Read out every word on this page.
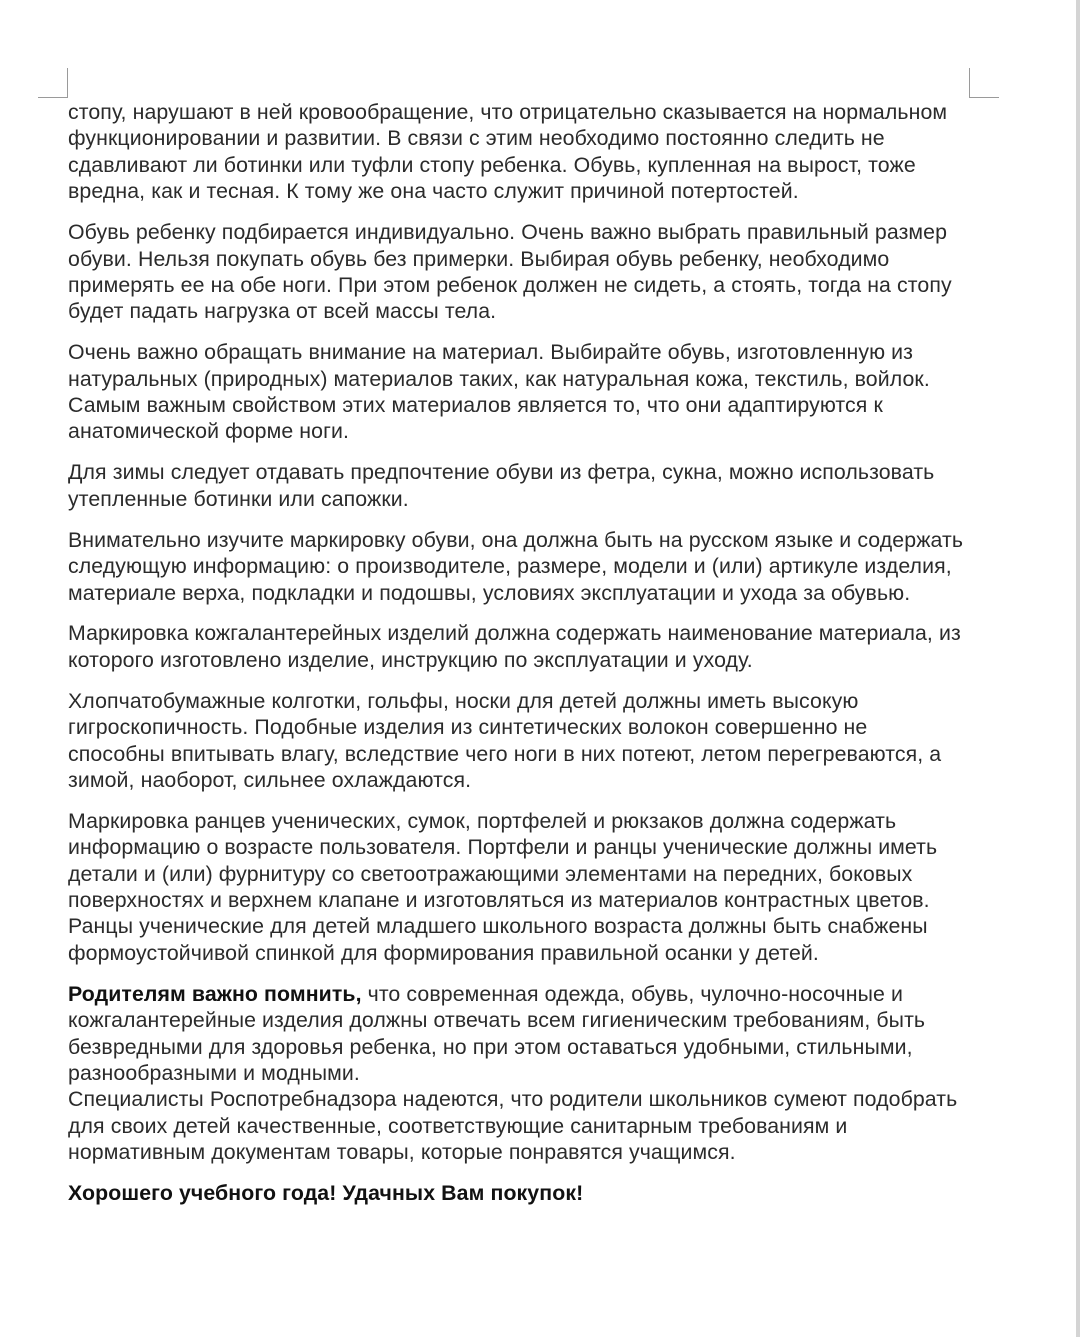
стопу, нарушают в ней кровообращение, что отрицательно сказывается на нормальном функционировании и развитии. В связи с этим необходимо постоянно следить не сдавливают ли ботинки или туфли стопу ребенка. Обувь, купленная на вырост, тоже вредна, как и тесная. К тому же она часто служит причиной потертостей.

Обувь ребенку подбирается индивидуально. Очень важно выбрать правильный размер обуви. Нельзя покупать обувь без примерки. Выбирая обувь ребенку, необходимо примерять ее на обе ноги. При этом ребенок должен не сидеть, а стоять, тогда на стопу будет падать нагрузка от всей массы тела.

Очень важно обращать внимание на материал. Выбирайте обувь, изготовленную из натуральных (природных) материалов таких, как натуральная кожа, текстиль, войлок. Самым важным свойством этих материалов является то, что они адаптируются к анатомической форме ноги.

Для зимы следует отдавать предпочтение обуви из фетра, сукна, можно использовать утепленные ботинки или сапожки.

Внимательно изучите маркировку обуви, она должна быть на русском языке и содержать следующую информацию: о производителе, размере, модели и (или) артикуле изделия, материале верха, подкладки и подошвы, условиях эксплуатации и ухода за обувью.

Маркировка кожгалантерейных изделий должна содержать наименование материала, из которого изготовлено изделие, инструкцию по эксплуатации и уходу.

Хлопчатобумажные колготки, гольфы, носки для детей должны иметь высокую гигроскопичность. Подобные изделия из синтетических волокон совершенно не способны впитывать влагу, вследствие чего ноги в них потеют, летом перегреваются, а зимой, наоборот, сильнее охлаждаются.

Маркировка ранцев ученических, сумок, портфелей и рюкзаков должна содержать информацию о возрасте пользователя. Портфели и ранцы ученические должны иметь детали и (или) фурнитуру со светоотражающими элементами на передних, боковых поверхностях и верхнем клапане и изготовляться из материалов контрастных цветов. Ранцы ученические для детей младшего школьного возраста должны быть снабжены формоустойчивой спинкой для формирования правильной осанки у детей.

Родителям важно помнить, что современная одежда, обувь, чулочно-носочные и кожгалантерейные изделия должны отвечать всем гигиеническим требованиям, быть безвредными для здоровья ребенка, но при этом оставаться удобными, стильными, разнообразными и модными.

Специалисты Роспотребнадзора надеются, что родители школьников сумеют подобрать для своих детей качественные, соответствующие санитарным требованиям и нормативным документам товары, которые понравятся учащимся.

Хорошего учебного года! Удачных Вам покупок!
